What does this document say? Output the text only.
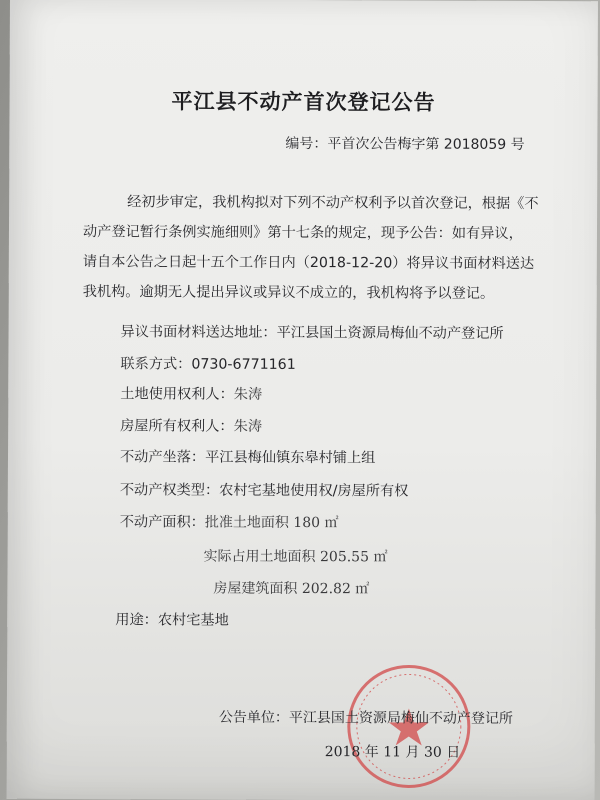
平江县不动产首次登记公告
编号：平首次公告梅字第 2018059 号
经初步审定，我机构拟对下列不动产权利予以首次登记，根据《不
动产登记暂行条例实施细则》第十七条的规定，现予公告：如有异议，
请自本公告之日起十五个工作日内（2018-12-20）将异议书面材料送达
我机构。逾期无人提出异议或异议不成立的，我机构将予以登记。
异议书面材料送达地址：平江县国土资源局梅仙不动产登记所
联系方式：0730-6771161
土地使用权利人：朱涛
房屋所有权利人：朱涛
不动产坐落：平江县梅仙镇东皋村铺上组
不动产权类型：农村宅基地使用权/房屋所有权
不动产面积：批准土地面积 180 ㎡
实际占用土地面积 205.55 ㎡
房屋建筑面积 202.82 ㎡
用途：农村宅基地
公告单位：平江县国土资源局梅仙不动产登记所
2018 年 11 月 30 日
